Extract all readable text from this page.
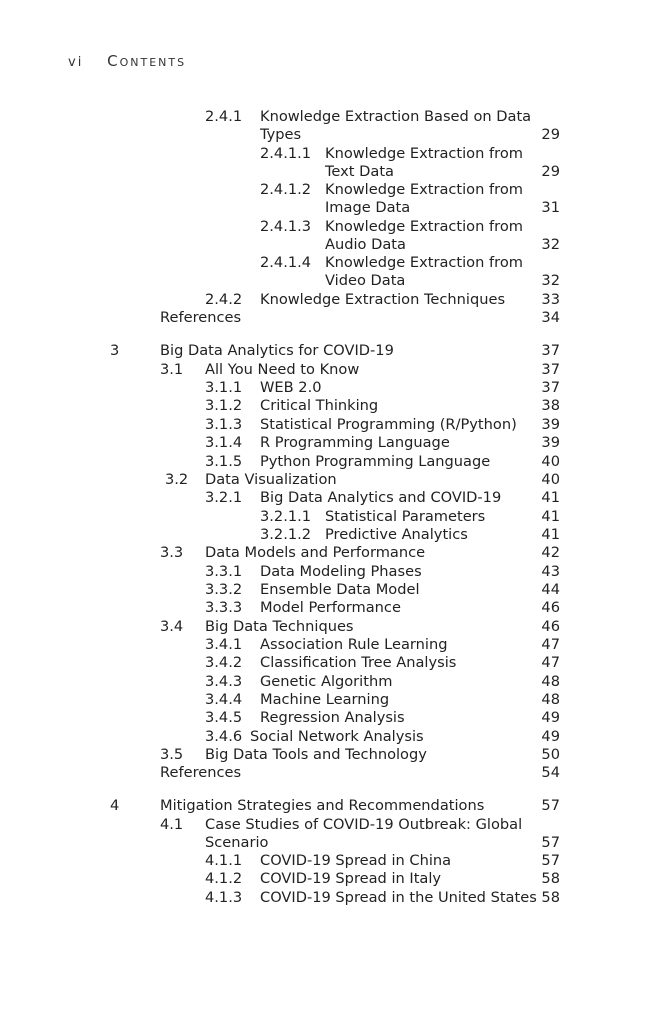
vi Contents
2.4.1 Knowledge Extraction Based on Data
Types	29
2.4.1.1 Knowledge Extraction from
Text Data	29
2.4.1.2 Knowledge Extraction from
Image Data	31
2.4.1.3 Knowledge Extraction from
Audio Data	32
2.4.1.4 Knowledge Extraction from
Video Data	32
2.4.2 Knowledge Extraction Techniques	33
References	34
3	Big Data Analytics for COVID-19	37
3.1 All You Need to Know	37
3.1.1 WEB 2.0	37
3.1.2 Critical Thinking	38
3.1.3 Statistical Programming (R/Python)	39
3.1.4 R Programming Language	39
3.1.5 Python Programming Language	40
3.2 Data Visualization	40
3.2.1 Big Data Analytics and COVID-19	41
3.2.1.1 Statistical Parameters	41
3.2.1.2 Predictive Analytics	41
3.3 Data Models and Performance	42
3.3.1 Data Modeling Phases	43
3.3.2 Ensemble Data Model	44
3.3.3 Model Performance	46
3.4 Big Data Techniques	46
3.4.1 Association Rule Learning	47
3.4.2 Classification Tree Analysis	47
3.4.3 Genetic Algorithm	48
3.4.4 Machine Learning	48
3.4.5 Regression Analysis	49
3.4.6 Social Network Analysis	49
3.5 Big Data Tools and Technology	50
References	54
4	Mitigation Strategies and Recommendations	57
4.1 Case Studies of COVID-19 Outbreak: Global
Scenario	57
4.1.1 COVID-19 Spread in China	57
4.1.2 COVID-19 Spread in Italy	58
4.1.3 COVID-19 Spread in the United States 58
